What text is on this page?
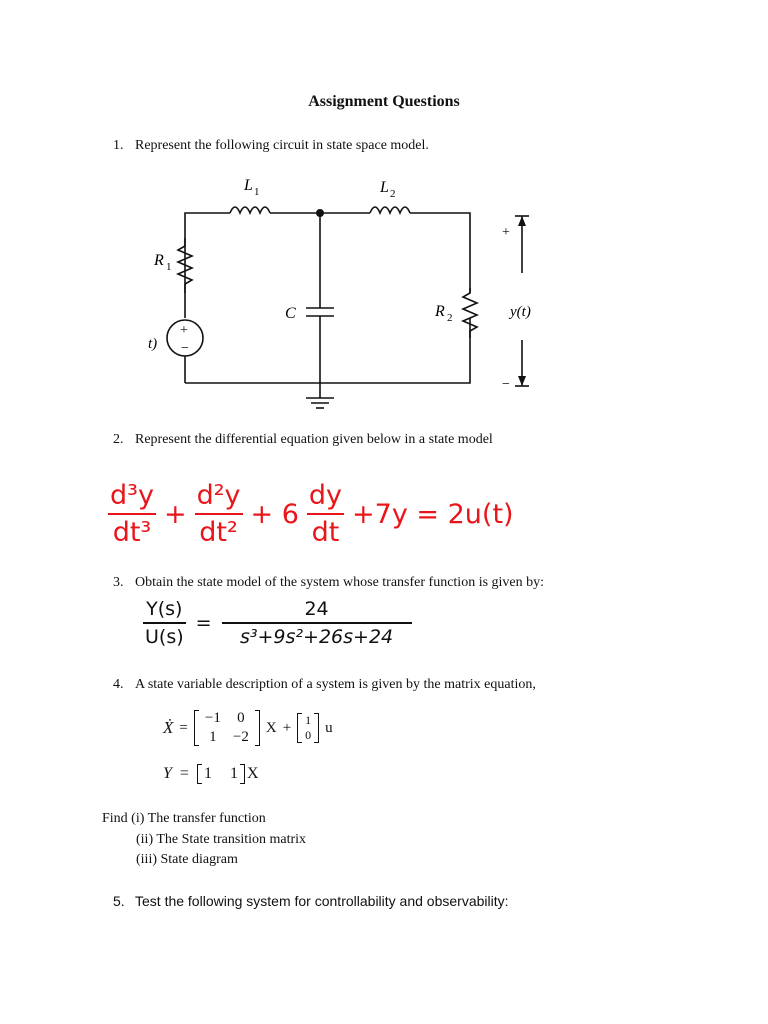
Assignment Questions
1. Represent the following circuit in state space model.
L 1	L 2
R 1
R 2
C
t)
+
−
+
−
y(t)
2. Represent the differential equation given below in a state model
$\frac{\text{d³y}}{\text{dt³}} + \frac{\text{d²y}}{\text{dt²}} + 6 \frac{dy}{dt} +7y = 2u(t)$
3. Obtain the state model of the system whose transfer function is given by:
$\frac{Y(s)}{U(s)} = \frac{24}{\text{s³+9s²+26s+24}}$
4. A state variable description of a system is given by the matrix equation,
Ẋ =
−1	0
1	−2
X + 1
0 u
Y = 1 1 X
Find (i) The transfer function
(ii) The State transition matrix
(iii) State diagram
5. Test the following system for controllability and observability:
